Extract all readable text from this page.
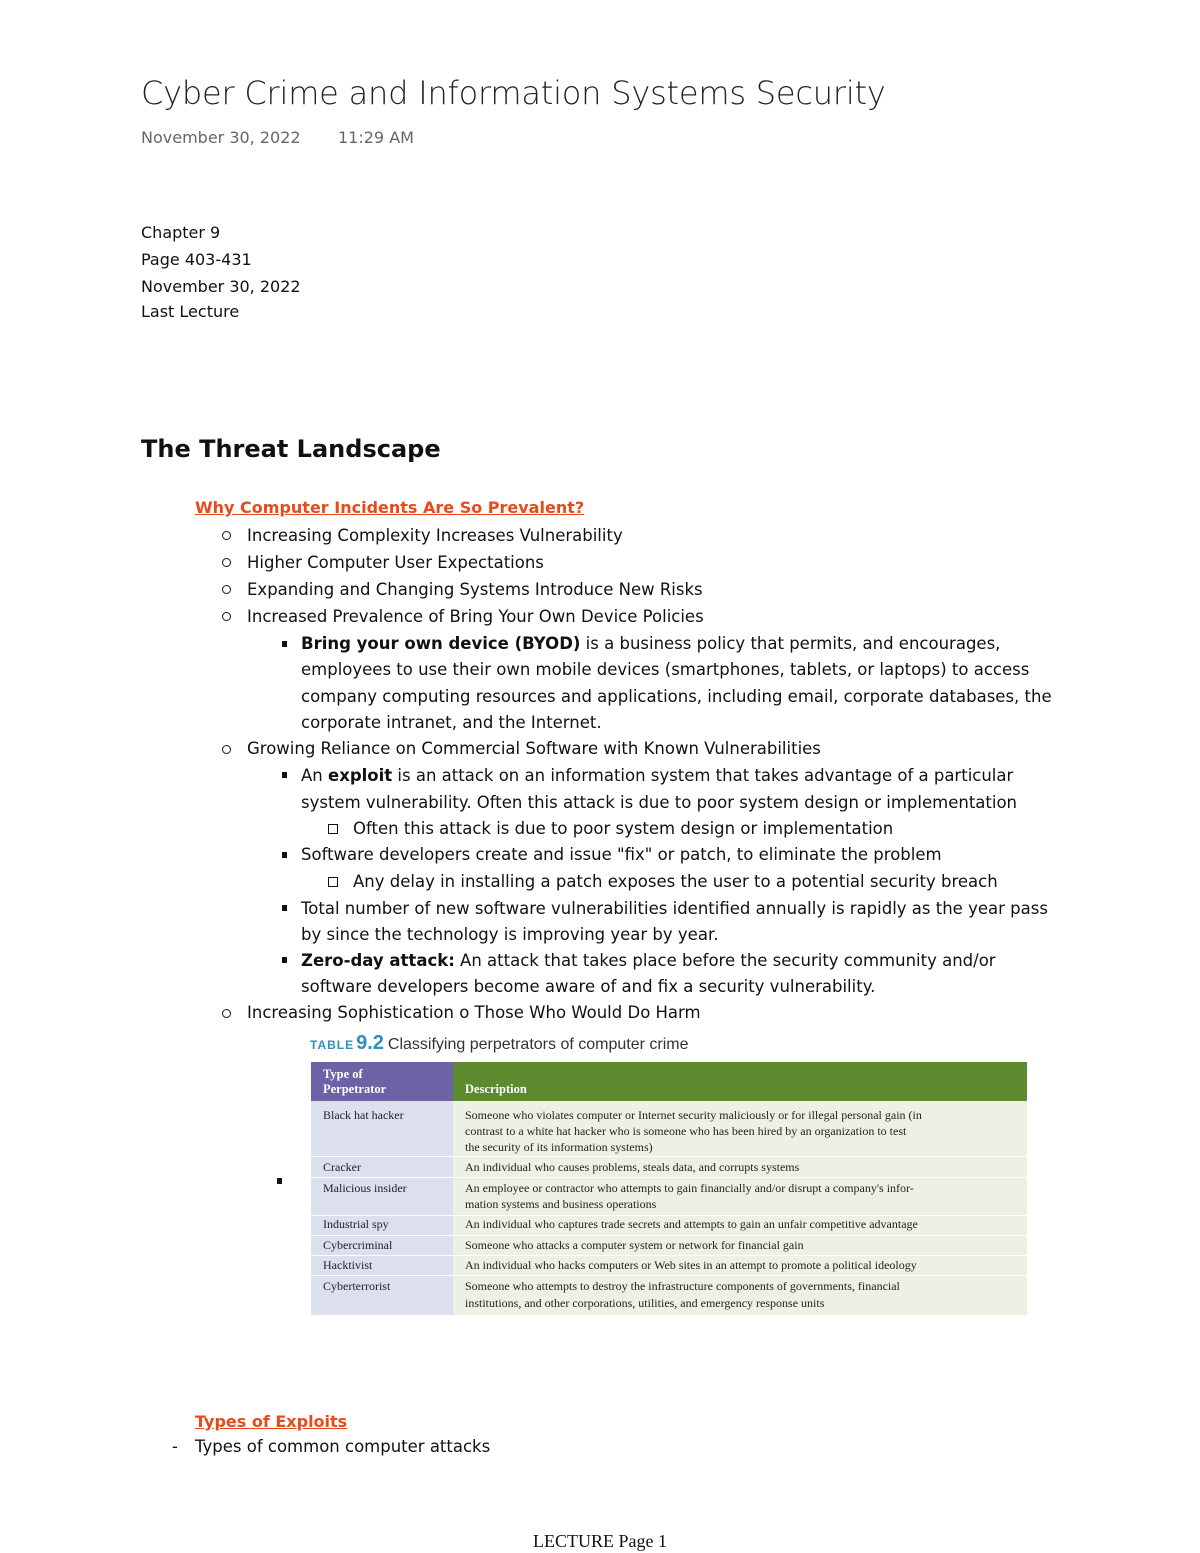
Cyber Crime and Information Systems Security
November 30, 2022 11:29 AM
Chapter 9
Page 403-431
November 30, 2022
Last Lecture
The Threat Landscape
Why Computer Incidents Are So Prevalent?
Increasing Complexity Increases Vulnerability
Higher Computer User Expectations
Expanding and Changing Systems Introduce New Risks
Increased Prevalence of Bring Your Own Device Policies
Bring your own device (BYOD) is a business policy that permits, and encourages,
employees to use their own mobile devices (smartphones, tablets, or laptops) to access
company computing resources and applications, including email, corporate databases, the
corporate intranet, and the Internet.
Growing Reliance on Commercial Software with Known Vulnerabilities
An exploit is an attack on an information system that takes advantage of a particular
system vulnerability. Often this attack is due to poor system design or implementation
Often this attack is due to poor system design or implementation
Software developers create and issue "fix" or patch, to eliminate the problem
Any delay in installing a patch exposes the user to a potential security breach
Total number of new software vulnerabilities identified annually is rapidly as the year pass
by since the technology is improving year by year.
Zero-day attack: An attack that takes place before the security community and/or
software developers become aware of and fix a security vulnerability.
Increasing Sophistication o Those Who Would Do Harm
TABLE 9.2 Classifying perpetrators of computer crime
Type of
Perpetrator	Description
Black hat hacker	Someone who violates computer or Internet security maliciously or for illegal personal gain (in
contrast to a white hat hacker who is someone who has been hired by an organization to test
the security of its information systems)
Cracker	An individual who causes problems, steals data, and corrupts systems
Malicious insider	An employee or contractor who attempts to gain financially and/or disrupt a company's infor-
mation systems and business operations
Industrial spy	An individual who captures trade secrets and attempts to gain an unfair competitive advantage
Cybercriminal	Someone who attacks a computer system or network for financial gain
Hacktivist	An individual who hacks computers or Web sites in an attempt to promote a political ideology
Cyberterrorist	Someone who attempts to destroy the infrastructure components of governments, financial
institutions, and other corporations, utilities, and emergency response units
Types of Exploits
- Types of common computer attacks
LECTURE Page 1
